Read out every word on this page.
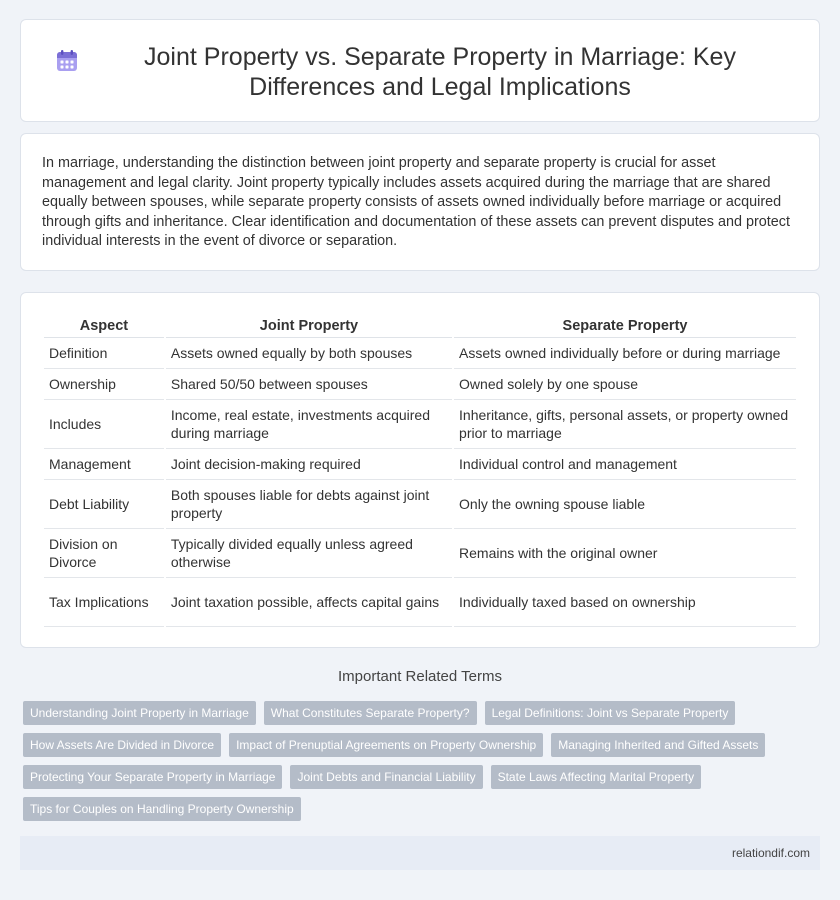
Joint Property vs. Separate Property in Marriage: Key Differences and Legal Implications

In marriage, understanding the distinction between joint property and separate property is crucial for asset management and legal clarity. Joint property typically includes assets acquired during the marriage that are shared equally between spouses, while separate property consists of assets owned individually before marriage or acquired through gifts and inheritance. Clear identification and documentation of these assets can prevent disputes and protect individual interests in the event of divorce or separation.

Aspect	Joint Property	Separate Property
Definition	Assets owned equally by both spouses	Assets owned individually before or during marriage
Ownership	Shared 50/50 between spouses	Owned solely by one spouse
Includes	Income, real estate, investments acquired during marriage	Inheritance, gifts, personal assets, or property owned prior to marriage
Management	Joint decision-making required	Individual control and management
Debt Liability	Both spouses liable for debts against joint property	Only the owning spouse liable
Division on Divorce	Typically divided equally unless agreed otherwise	Remains with the original owner
Tax Implications	Joint taxation possible, affects capital gains	Individually taxed based on ownership
Important Related Terms
Understanding Joint Property in Marriage	What Constitutes Separate Property?	Legal Definitions: Joint vs Separate Property
How Assets Are Divided in Divorce	Impact of Prenuptial Agreements on Property Ownership	Managing Inherited and Gifted Assets
Protecting Your Separate Property in Marriage	Joint Debts and Financial Liability	State Laws Affecting Marital Property
Tips for Couples on Handling Property Ownership
relationdif.com
